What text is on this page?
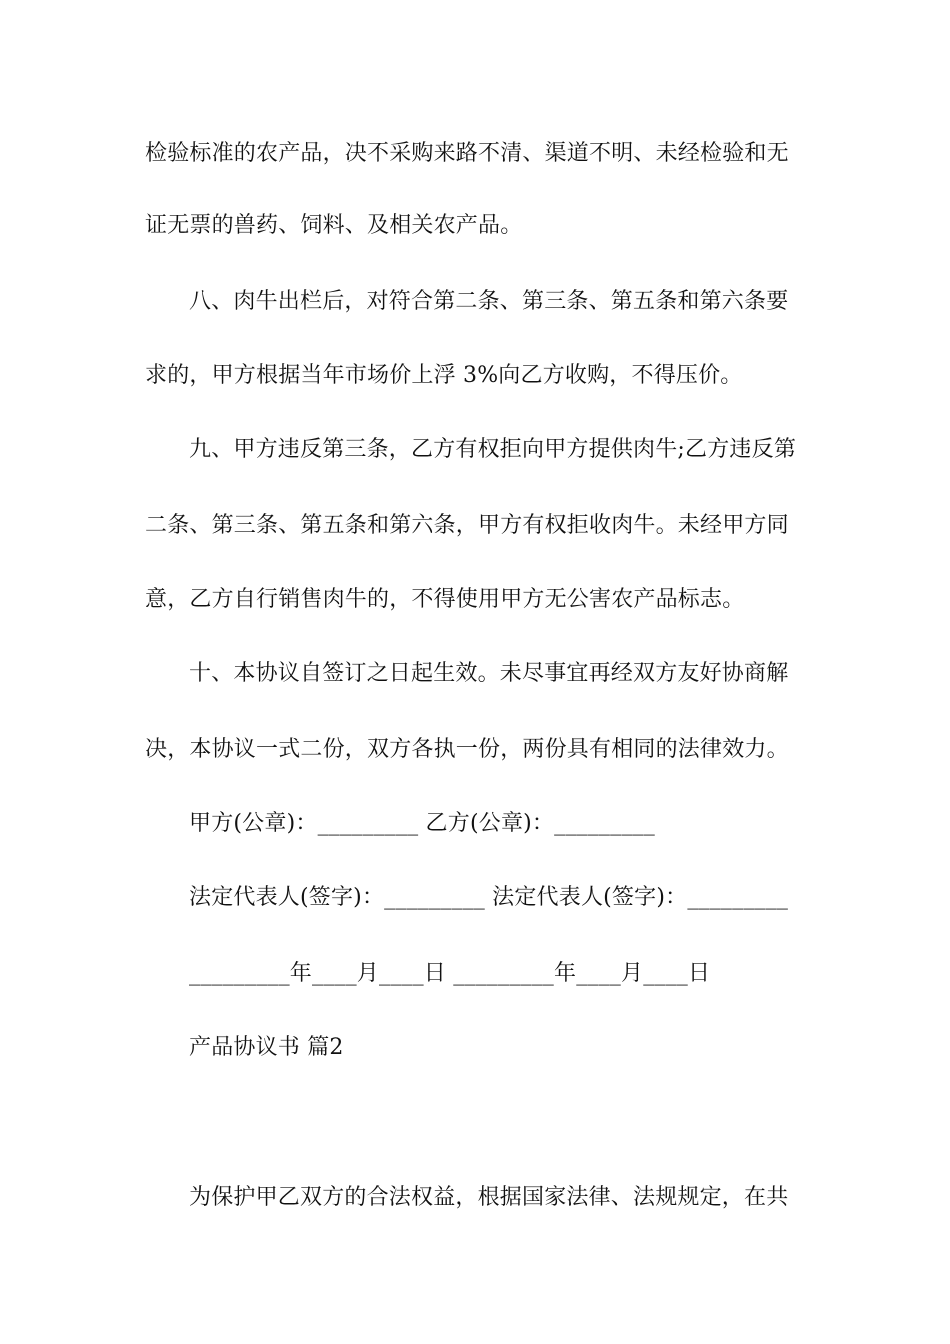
检验标准的农产品，决不采购来路不清、渠道不明、未经检验和无
证无票的兽药、饲料、及相关农产品。
八、肉牛出栏后，对符合第二条、第三条、第五条和第六条要
求的，甲方根据当年市场价上浮 3%向乙方收购，不得压价。
九、甲方违反第三条，乙方有权拒向甲方提供肉牛;乙方违反第
二条、第三条、第五条和第六条，甲方有权拒收肉牛。未经甲方同
意，乙方自行销售肉牛的，不得使用甲方无公害农产品标志。
十、本协议自签订之日起生效。未尽事宜再经双方友好协商解
决，本协议一式二份，双方各执一份，两份具有相同的法律效力。
甲方(公章)：_________ 乙方(公章)：_________
法定代表人(签字)：_________ 法定代表人(签字)：_________
_________年____月____日 _________年____月____日
产品协议书 篇2
为保护甲乙双方的合法权益，根据国家法律、法规规定，在共
